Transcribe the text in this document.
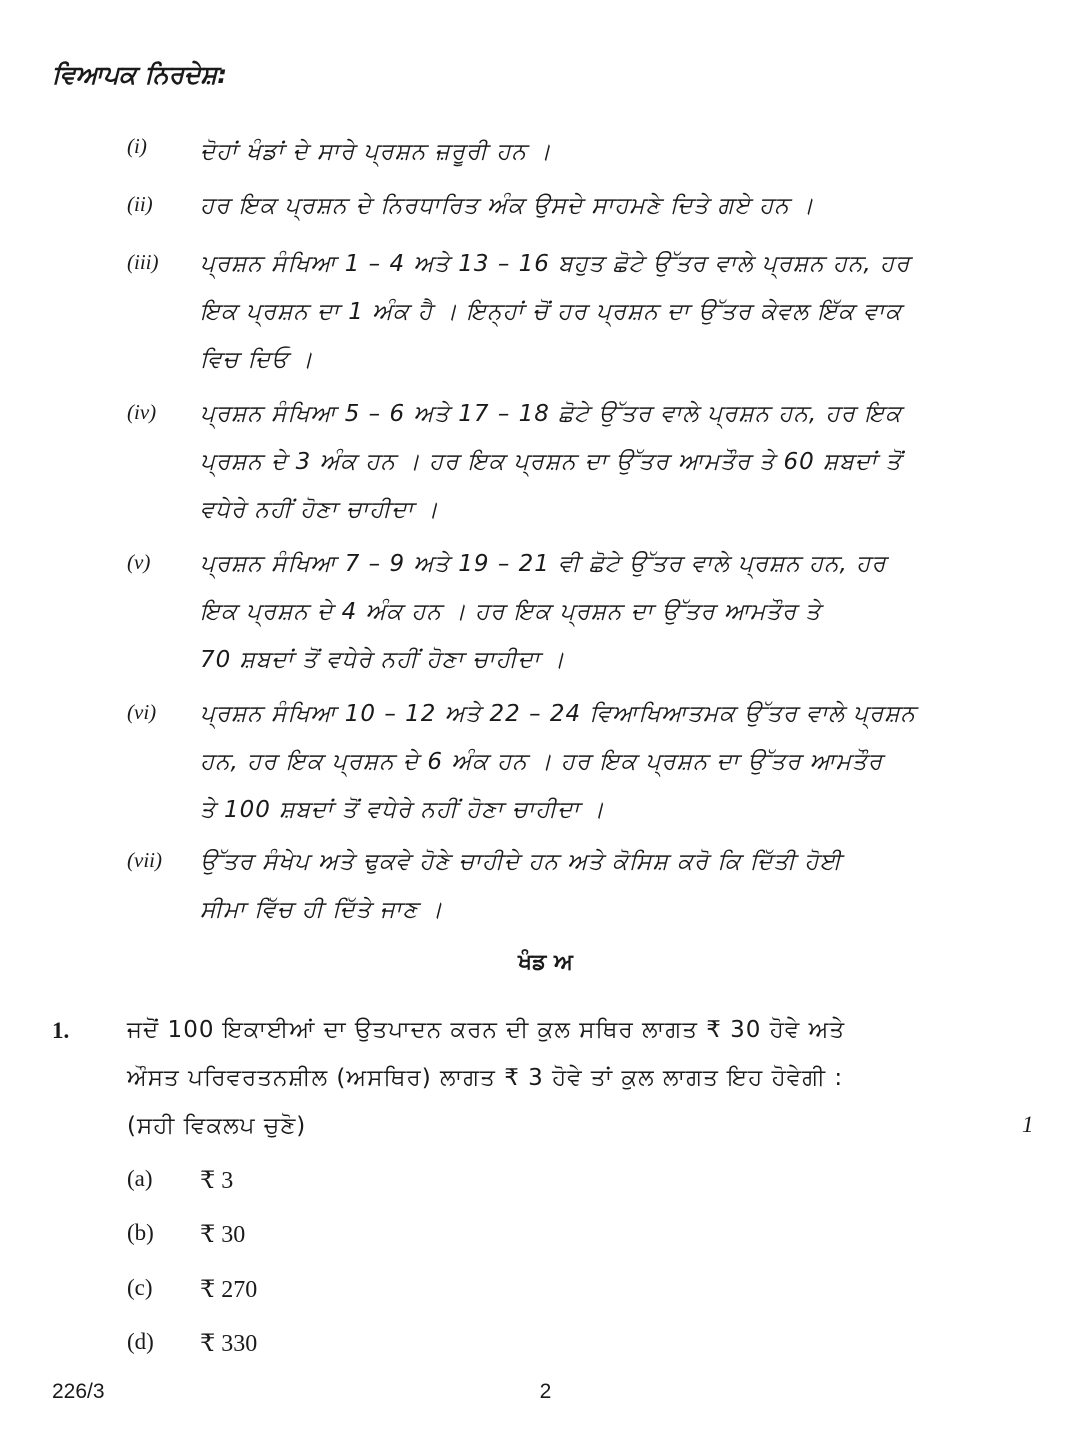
ਵਿਆਪਕ ਨਿਰਦੇਸ਼:
(i) ਦੋਹਾਂ ਖੰਡਾਂ ਦੇ ਸਾਰੇ ਪ੍ਰਸ਼ਨ ਜ਼ਰੂਰੀ ਹਨ ।

(ii) ਹਰ ਇਕ ਪ੍ਰਸ਼ਨ ਦੇ ਨਿਰਧਾਰਿਤ ਅੰਕ ਉਸਦੇ ਸਾਹਮਣੇ ਦਿਤੇ ਗਏ ਹਨ ।

(iii) ਪ੍ਰਸ਼ਨ ਸੰਖਿਆ 1 – 4 ਅਤੇ 13 – 16 ਬਹੁਤ ਛੋਟੇ ਉੱਤਰ ਵਾਲੇ ਪ੍ਰਸ਼ਨ ਹਨ, ਹਰ

ਇਕ ਪ੍ਰਸ਼ਨ ਦਾ 1 ਅੰਕ ਹੈ । ਇਨ੍ਹਾਂ ਚੋਂ ਹਰ ਪ੍ਰਸ਼ਨ ਦਾ ਉੱਤਰ ਕੇਵਲ ਇੱਕ ਵਾਕ

ਵਿਚ ਦਿਓ ।

(iv) ਪ੍ਰਸ਼ਨ ਸੰਖਿਆ 5 – 6 ਅਤੇ 17 – 18 ਛੋਟੇ ਉੱਤਰ ਵਾਲੇ ਪ੍ਰਸ਼ਨ ਹਨ, ਹਰ ਇਕ

ਪ੍ਰਸ਼ਨ ਦੇ 3 ਅੰਕ ਹਨ । ਹਰ ਇਕ ਪ੍ਰਸ਼ਨ ਦਾ ਉੱਤਰ ਆਮਤੌਰ ਤੇ 60 ਸ਼ਬਦਾਂ ਤੋਂ

ਵਧੇਰੇ ਨਹੀਂ ਹੋਣਾ ਚਾਹੀਦਾ ।

(v) ਪ੍ਰਸ਼ਨ ਸੰਖਿਆ 7 – 9 ਅਤੇ 19 – 21 ਵੀ ਛੋਟੇ ਉੱਤਰ ਵਾਲੇ ਪ੍ਰਸ਼ਨ ਹਨ, ਹਰ

ਇਕ ਪ੍ਰਸ਼ਨ ਦੇ 4 ਅੰਕ ਹਨ । ਹਰ ਇਕ ਪ੍ਰਸ਼ਨ ਦਾ ਉੱਤਰ ਆਮਤੌਰ ਤੇ

70 ਸ਼ਬਦਾਂ ਤੋਂ ਵਧੇਰੇ ਨਹੀਂ ਹੋਣਾ ਚਾਹੀਦਾ ।

(vi) ਪ੍ਰਸ਼ਨ ਸੰਖਿਆ 10 – 12 ਅਤੇ 22 – 24 ਵਿਆਖਿਆਤਮਕ ਉੱਤਰ ਵਾਲੇ ਪ੍ਰਸ਼ਨ

ਹਨ, ਹਰ ਇਕ ਪ੍ਰਸ਼ਨ ਦੇ 6 ਅੰਕ ਹਨ । ਹਰ ਇਕ ਪ੍ਰਸ਼ਨ ਦਾ ਉੱਤਰ ਆਮਤੌਰ

ਤੇ 100 ਸ਼ਬਦਾਂ ਤੋਂ ਵਧੇਰੇ ਨਹੀਂ ਹੋਣਾ ਚਾਹੀਦਾ ।

(vii) ਉੱਤਰ ਸੰਖੇਪ ਅਤੇ ਢੁਕਵੇ ਹੋਣੇ ਚਾਹੀਦੇ ਹਨ ਅਤੇ ਕੋਸਿਸ਼ ਕਰੋ ਕਿ ਦਿੱਤੀ ਹੋਈ

ਸੀਮਾ ਵਿੱਚ ਹੀ ਦਿੱਤੇ ਜਾਣ ।

ਖੰਡ ਅ
1.	ਜਦੋਂ 100 ਇਕਾਈਆਂ ਦਾ ਉਤਪਾਦਨ ਕਰਨ ਦੀ ਕੁਲ ਸਥਿਰ ਲਾਗਤ ₹ 30 ਹੋਵੇ ਅਤੇ

ਔਸਤ ਪਰਿਵਰਤਨਸ਼ੀਲ (ਅਸਥਿਰ) ਲਾਗਤ ₹ 3 ਹੋਵੇ ਤਾਂ ਕੁਲ ਲਾਗਤ ਇਹ ਹੋਵੇਗੀ :

(ਸਹੀ ਵਿਕਲਪ ਚੁਣੋ)	1
(a) ₹ 3
(b) ₹ 30
(c) ₹ 270
(d) ₹ 330
226/3	2
